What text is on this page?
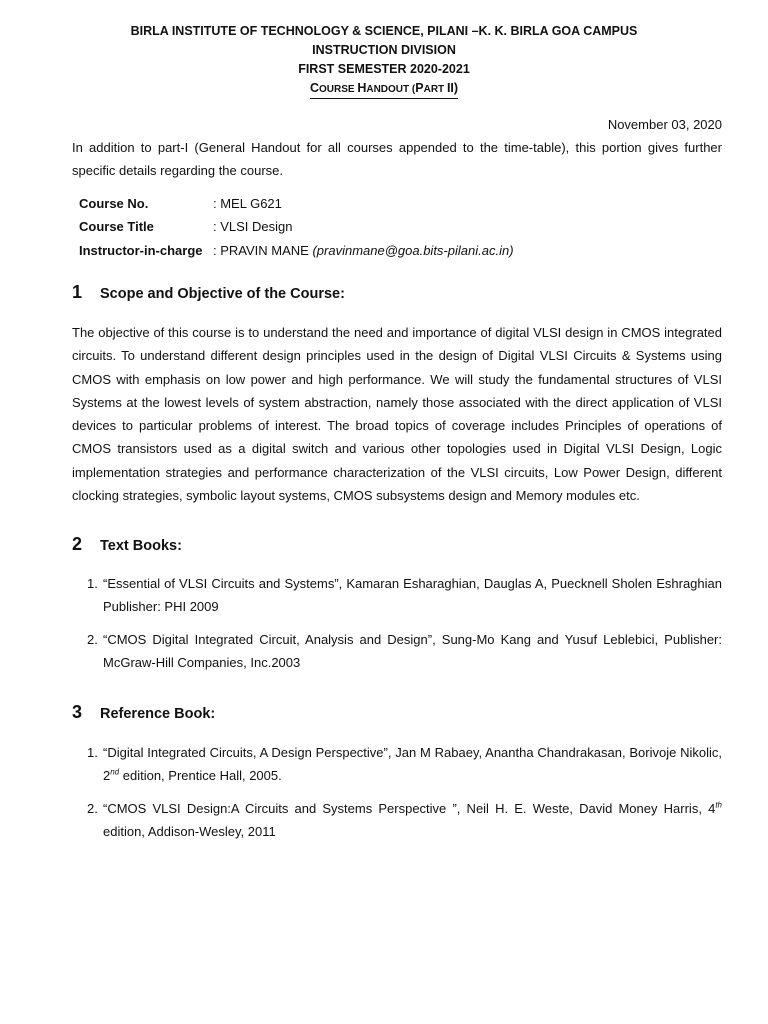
BIRLA INSTITUTE OF TECHNOLOGY & SCIENCE, PILANI –K. K. BIRLA GOA CAMPUS
INSTRUCTION DIVISION
FIRST SEMESTER 2020-2021
COURSE HANDOUT (PART II)
November 03, 2020
In addition to part-I (General Handout for all courses appended to the time-table), this portion gives further specific details regarding the course.
Course No.	: MEL G621
Course Title	: VLSI Design
Instructor-in-charge	: PRAVIN MANE (pravinmane@goa.bits-pilani.ac.in)
1 Scope and Objective of the Course:
The objective of this course is to understand the need and importance of digital VLSI design in CMOS integrated circuits. To understand different design principles used in the design of Digital VLSI Circuits & Systems using CMOS with emphasis on low power and high performance. We will study the fundamental structures of VLSI Systems at the lowest levels of system abstraction, namely those associated with the direct application of VLSI devices to particular problems of interest. The broad topics of coverage includes Principles of operations of CMOS transistors used as a digital switch and various other topologies used in Digital VLSI Design, Logic implementation strategies and performance characterization of the VLSI circuits, Low Power Design, different clocking strategies, symbolic layout systems, CMOS subsystems design and Memory modules etc.
2 Text Books:
1. “Essential of VLSI Circuits and Systems”, Kamaran Esharaghian, Dauglas A, Puecknell Sholen Eshraghian Publisher: PHI 2009
2. “CMOS Digital Integrated Circuit, Analysis and Design”, Sung-Mo Kang and Yusuf Leblebici, Publisher: McGraw-Hill Companies, Inc.2003
3 Reference Book:
1. “Digital Integrated Circuits, A Design Perspective”, Jan M Rabaey, Anantha Chandrakasan, Borivoje Nikolic, 2nd edition, Prentice Hall, 2005.
2. “CMOS VLSI Design:A Circuits and Systems Perspective ”, Neil H. E. Weste, David Money Harris, 4th edition, Addison-Wesley, 2011
